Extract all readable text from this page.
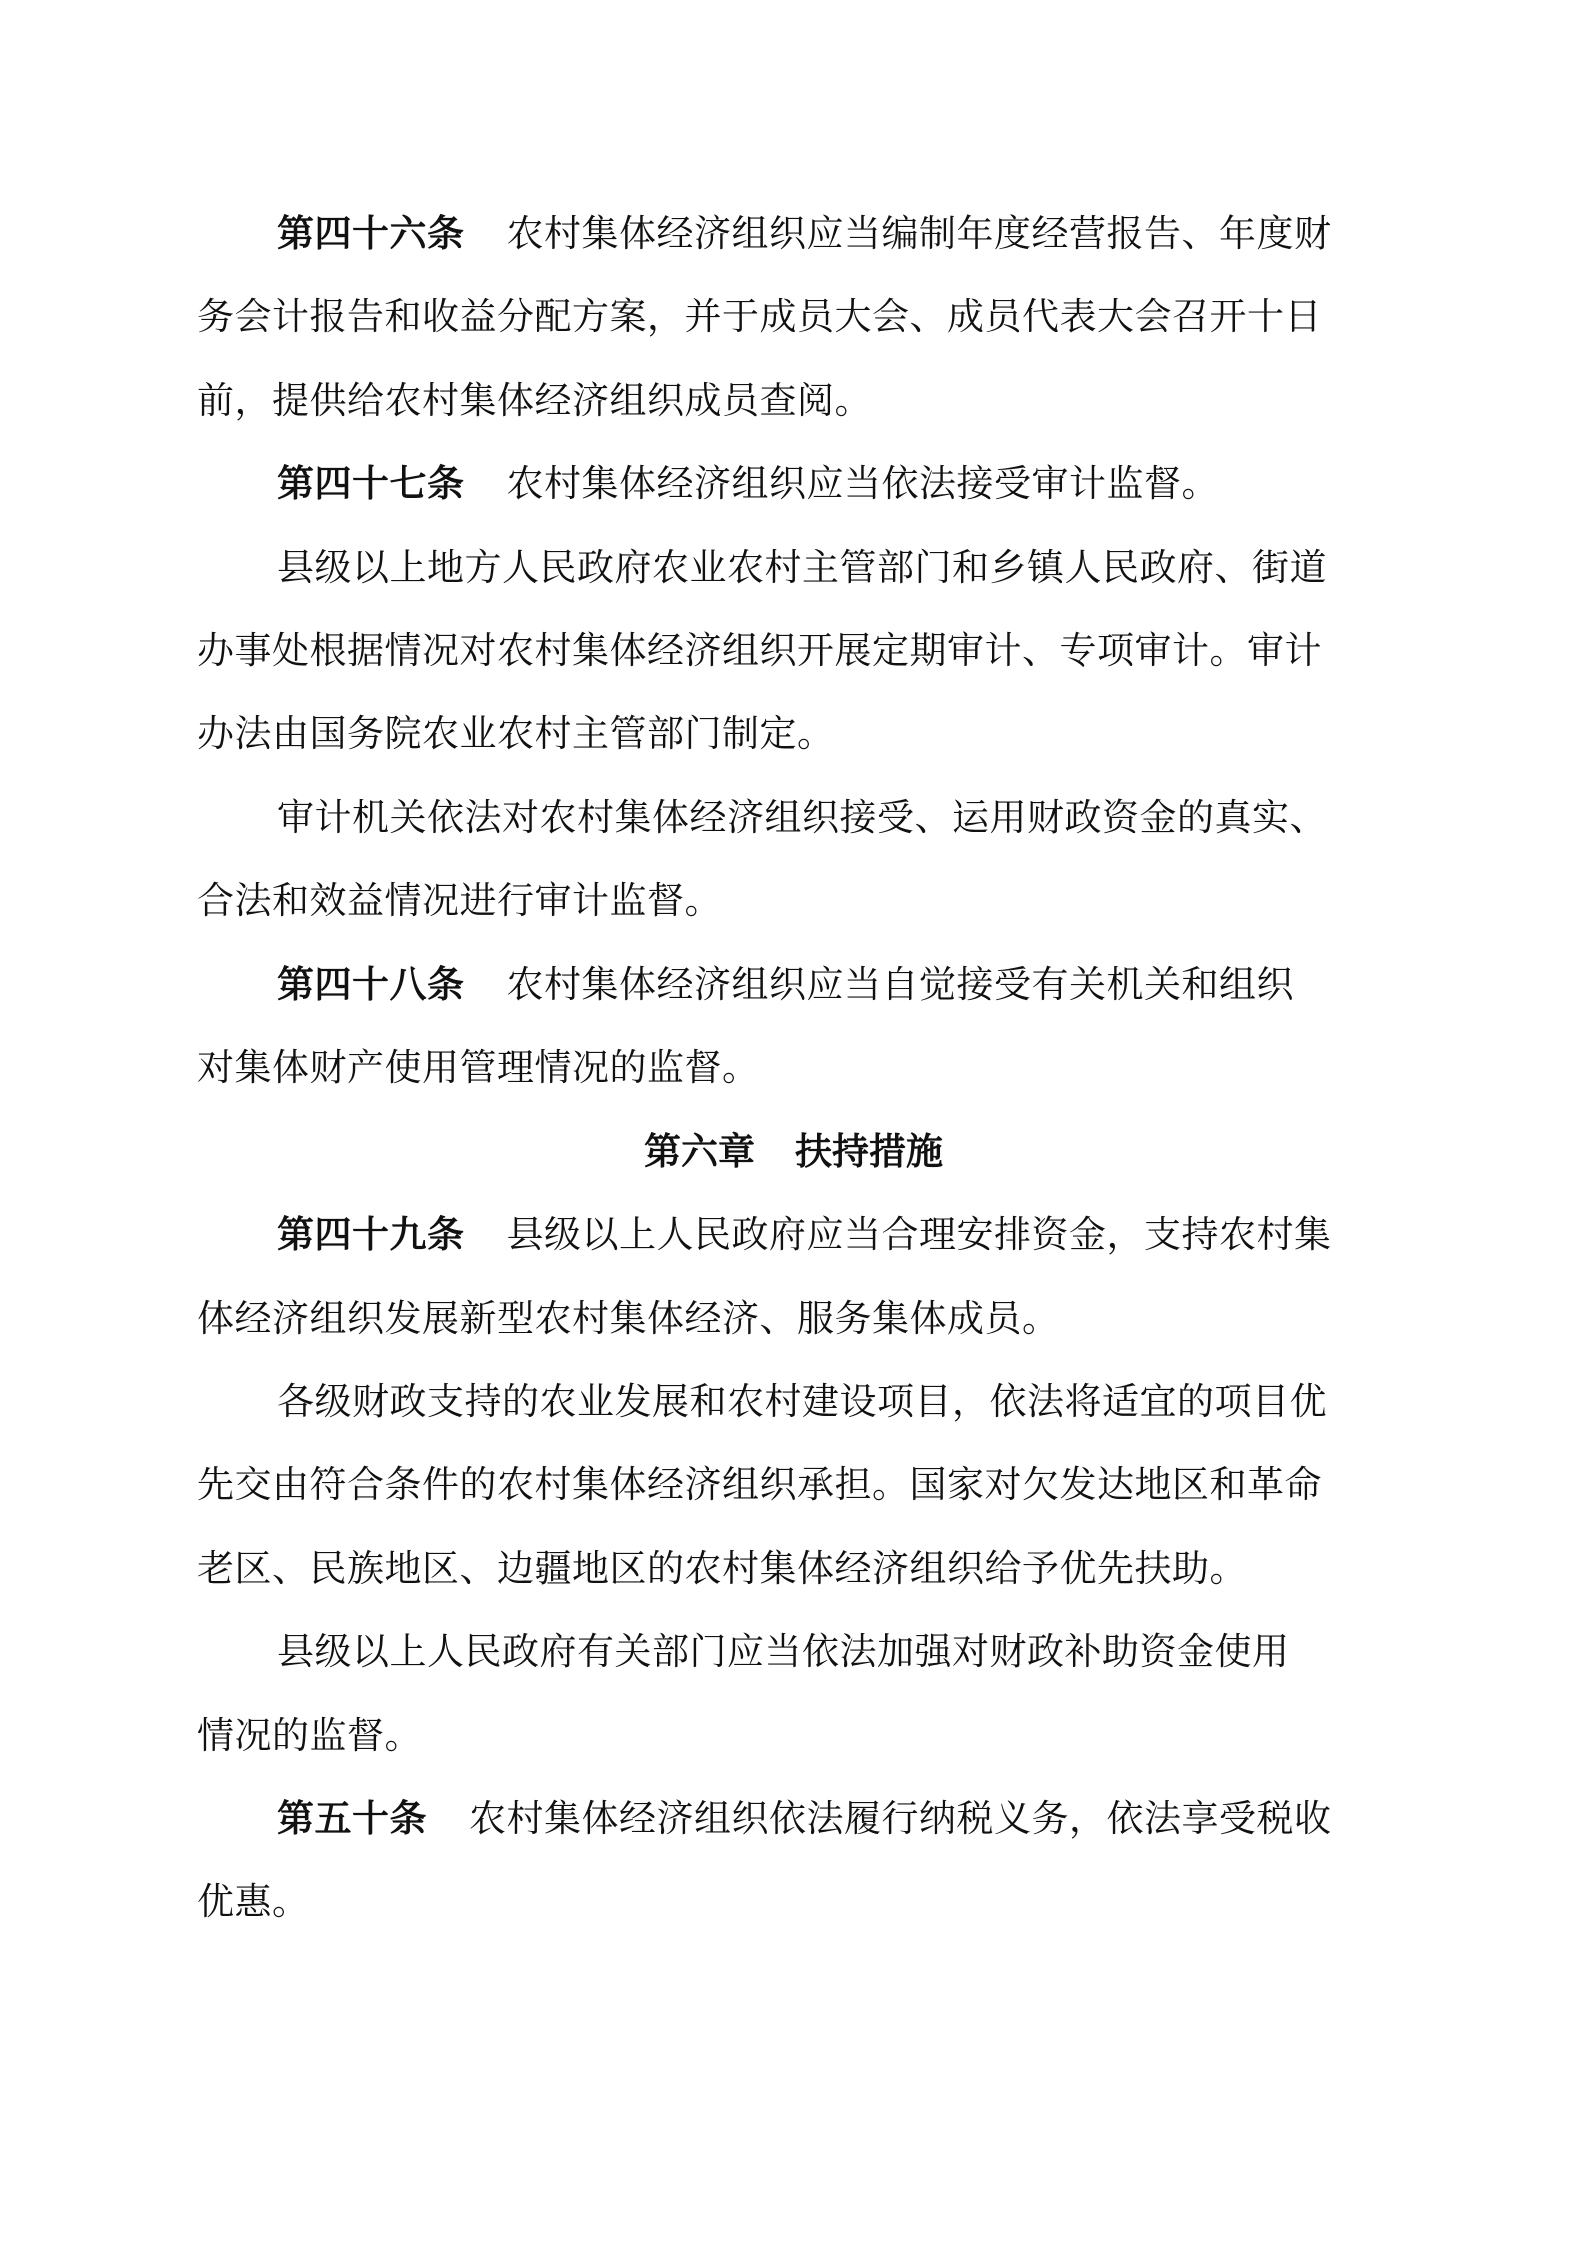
第四十六条 农村集体经济组织应当编制年度经营报告、年度财
务会计报告和收益分配方案，并于成员大会、成员代表大会召开十日
前，提供给农村集体经济组织成员查阅。
第四十七条 农村集体经济组织应当依法接受审计监督。
县级以上地方人民政府农业农村主管部门和乡镇人民政府、街道
办事处根据情况对农村集体经济组织开展定期审计、专项审计。审计
办法由国务院农业农村主管部门制定。
审计机关依法对农村集体经济组织接受、运用财政资金的真实、
合法和效益情况进行审计监督。
第四十八条 农村集体经济组织应当自觉接受有关机关和组织
对集体财产使用管理情况的监督。
第六章 扶持措施
第四十九条 县级以上人民政府应当合理安排资金，支持农村集
体经济组织发展新型农村集体经济、服务集体成员。
各级财政支持的农业发展和农村建设项目，依法将适宜的项目优
先交由符合条件的农村集体经济组织承担。国家对欠发达地区和革命
老区、民族地区、边疆地区的农村集体经济组织给予优先扶助。
县级以上人民政府有关部门应当依法加强对财政补助资金使用
情况的监督。
第五十条 农村集体经济组织依法履行纳税义务，依法享受税收
优惠。
